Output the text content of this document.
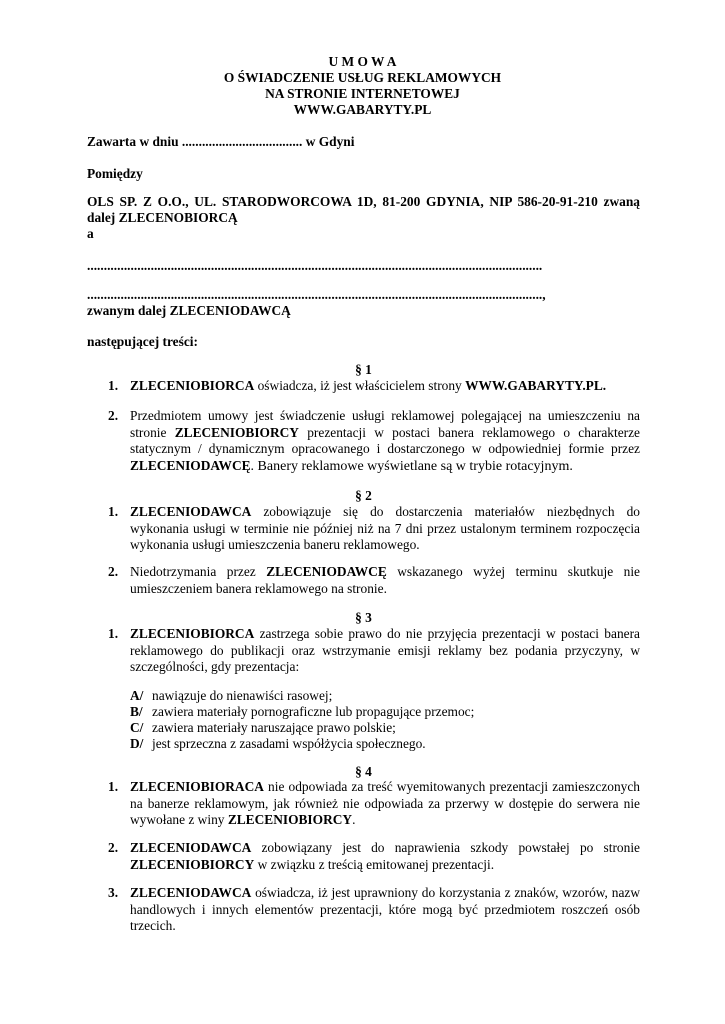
U M O W A
O ŚWIADCZENIE USŁUG REKLAMOWYCH
NA STRONIE INTERNETOWEJ
WWW.GABARYTY.PL
Zawarta w dniu .................................... w Gdyni
Pomiędzy
OLS SP. Z O.O., UL. STARODWORCOWA 1D, 81-200 GDYNIA, NIP 586-20-91-210 zwaną
dalej ZLECENOBIORCĄ
a
........................................................................................................................................
........................................................................................................................................,
zwanym dalej ZLECENIODAWCĄ
następującej treści:
§ 1
1. ZLECENIOBIORCA oświadcza, iż jest właścicielem strony WWW.GABARYTY.PL.
2. Przedmiotem umowy jest świadczenie usługi reklamowej polegającej na umieszczeniu na stronie ZLECENIOBIORCY prezentacji w postaci banera reklamowego o charakterze statycznym / dynamicznym opracowanego i dostarczonego w odpowiedniej formie przez ZLECENIODAWCĘ. Banery reklamowe wyświetlane są w trybie rotacyjnym.
§ 2
1. ZLECENIODAWCA zobowiązuje się do dostarczenia materiałów niezbędnych do wykonania usługi w terminie nie później niż na 7 dni przez ustalonym terminem rozpoczęcia wykonania usługi umieszczenia baneru reklamowego.
2. Niedotrzymania przez ZLECENIODAWCĘ wskazanego wyżej terminu skutkuje nie umieszczeniem banera reklamowego na stronie.
§ 3
1. ZLECENIOBIORCA zastrzega sobie prawo do nie przyjęcia prezentacji w postaci banera reklamowego do publikacji oraz wstrzymanie emisji reklamy bez podania przyczyny, w szczególności, gdy prezentacja:
A/ nawiązuje do nienawiści rasowej;
B/ zawiera materiały pornograficzne lub propagujące przemoc;
C/ zawiera materiały naruszające prawo polskie;
D/ jest sprzeczna z zasadami współżycia społecznego.
§ 4
1. ZLECENIOBIORACA nie odpowiada za treść wyemitowanych prezentacji zamieszczonych na banerze reklamowym, jak również nie odpowiada za przerwy w dostępie do serwera nie wywołane z winy ZLECENIOBIORCY.
2. ZLECENIODAWCA zobowiązany jest do naprawienia szkody powstałej po stronie ZLECENIOBIORCY w związku z treścią emitowanej prezentacji.
3. ZLECENIODAWCA oświadcza, iż jest uprawniony do korzystania z znaków, wzorów, nazw handlowych i innych elementów prezentacji, które mogą być przedmiotem roszczeń osób trzecich.
